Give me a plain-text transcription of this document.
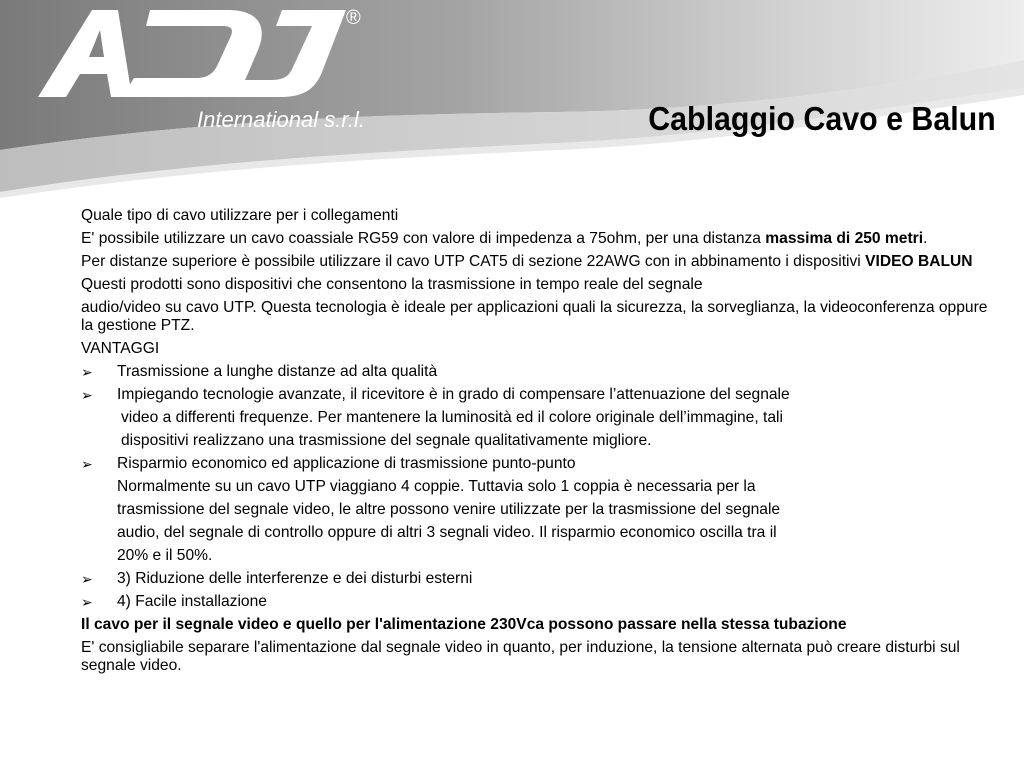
®
International s.r.l.	Cablaggio Cavo e Balun
Quale tipo di cavo utilizzare per i collegamenti
E' possibile utilizzare un cavo coassiale RG59 con valore di impedenza a 75ohm, per una distanza massima di 250 metri.
Per distanze superiore è possibile utilizzare il cavo UTP CAT5 di sezione 22AWG con in abbinamento i dispositivi VIDEO BALUN
Questi prodotti sono dispositivi che consentono la trasmissione in tempo reale del segnale
audio/video su cavo UTP. Questa tecnologia è ideale per applicazioni quali la sicurezza, la sorveglianza, la videoconferenza oppure la gestione PTZ.
VANTAGGI
➢	Trasmissione a lunghe distanze ad alta qualità
➢	Impiegando tecnologie avanzate, il ricevitore è in grado di compensare l’attenuazione del segnale
video a differenti frequenze. Per mantenere la luminosità ed il colore originale dell’immagine, tali
dispositivi realizzano una trasmissione del segnale qualitativamente migliore.
➢	Risparmio economico ed applicazione di trasmissione punto-punto
Normalmente su un cavo UTP viaggiano 4 coppie. Tuttavia solo 1 coppia è necessaria per la
trasmissione del segnale video, le altre possono venire utilizzate per la trasmissione del segnale
audio, del segnale di controllo oppure di altri 3 segnali video. Il risparmio economico oscilla tra il
20% e il 50%.
➢	3) Riduzione delle interferenze e dei disturbi esterni
➢	4) Facile installazione
Il cavo per il segnale video e quello per l'alimentazione 230Vca possono passare nella stessa tubazione
E' consigliabile separare l'alimentazione dal segnale video in quanto, per induzione, la tensione alternata può creare disturbi sul segnale video.
